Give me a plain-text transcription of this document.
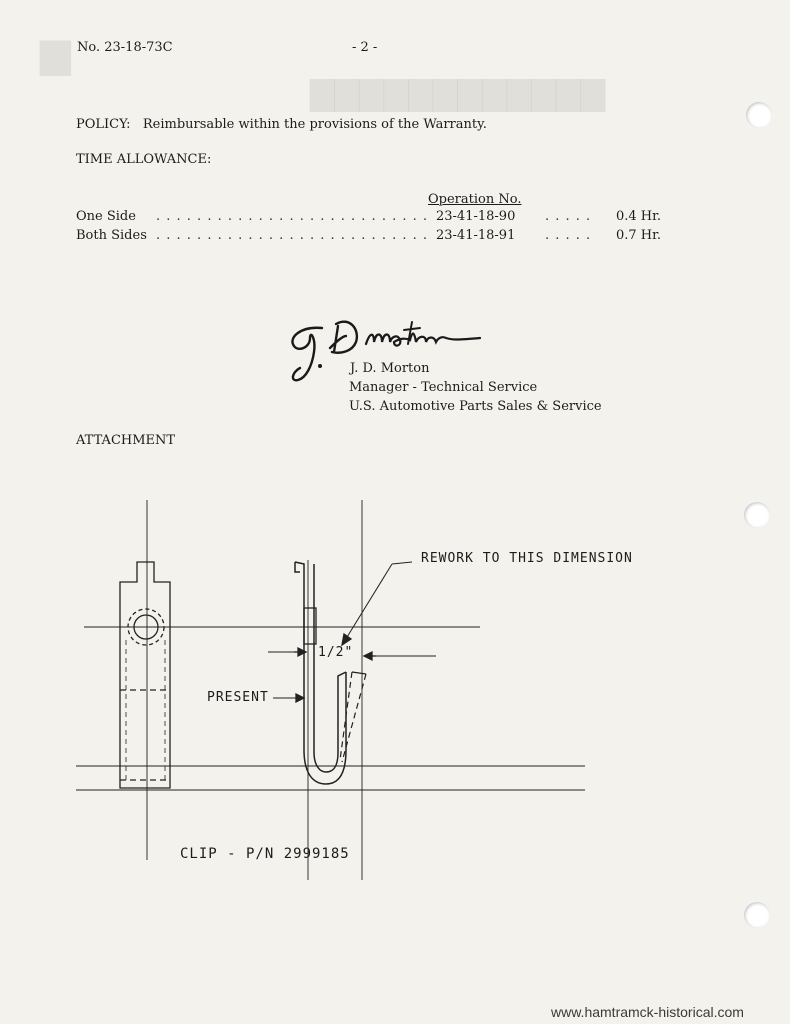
▇▇▇▇▇▇▇▇▇▇▇▇
▆ No. 23-18-73C	- 2 -
POLICY: Reimbursable within the provisions of the Warranty.
TIME ALLOWANCE:
Operation No.
One Side . . . . . . . . . . . . . . . . . . . . . . . . . . . 23-41-18-90 . . . . . 0.4 Hr.
Both Sides . . . . . . . . . . . . . . . . . . . . . . . . . . . 23-41-18-91 . . . . . 0.7 Hr.
J. D. Morton
Manager - Technical Service
U.S. Automotive Parts Sales & Service
ATTACHMENT
REWORK TO THIS DIMENSION
1/2"
PRESENT
CLIP - P/N 2999185
www.hamtramck-historical.com
